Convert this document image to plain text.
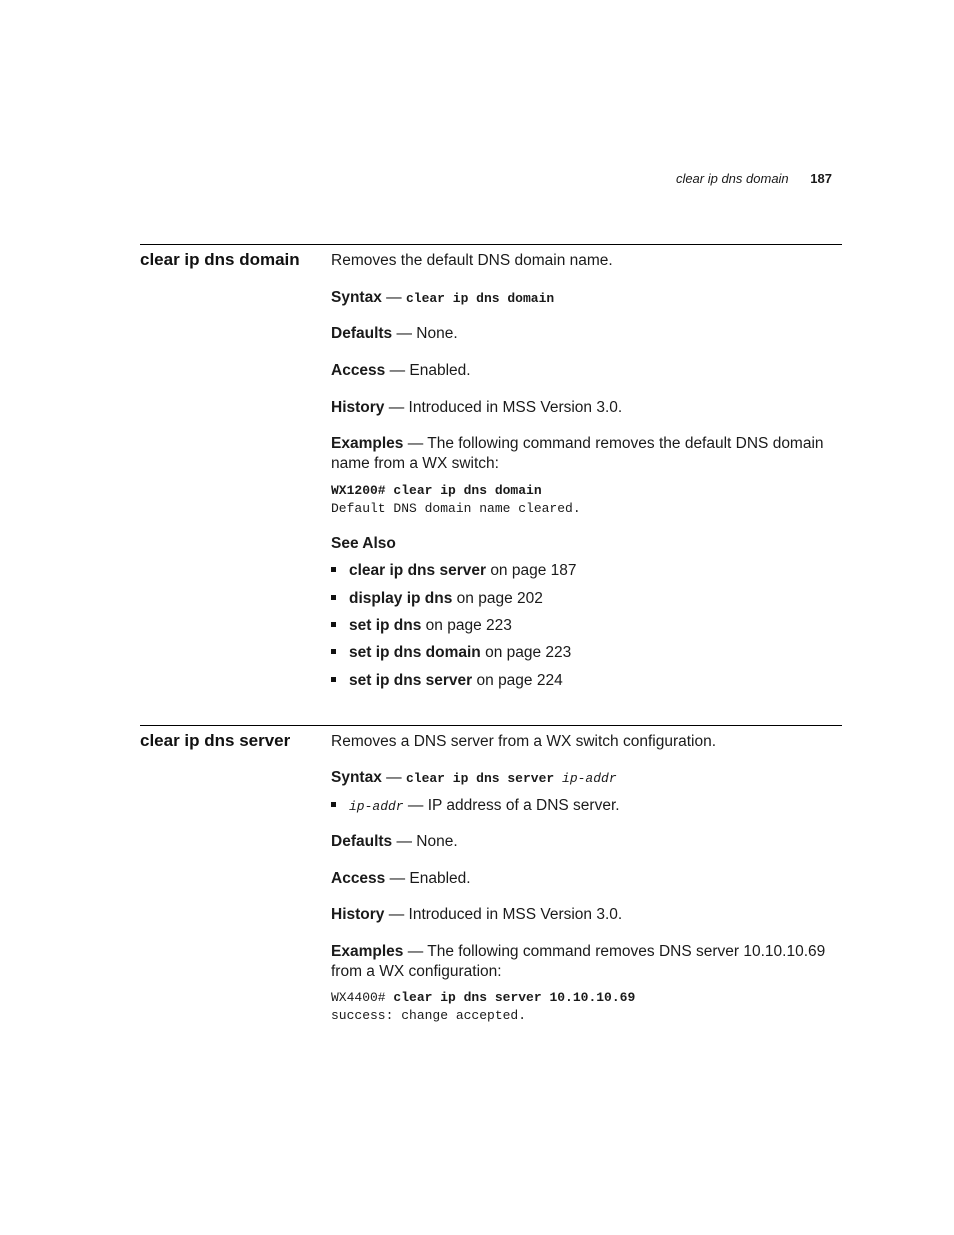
clear ip dns domain 187
clear ip dns domain Removes the default DNS domain name.
Syntax — clear ip dns domain
Defaults — None.
Access — Enabled.
History — Introduced in MSS Version 3.0.
Examples — The following command removes the default DNS domain
name from a WX switch:
WX1200# clear ip dns domain
Default DNS domain name cleared.
See Also
clear ip dns server on page 187
display ip dns on page 202
set ip dns on page 223
set ip dns domain on page 223
set ip dns server on page 224
clear ip dns server	Removes a DNS server from a WX switch configuration.
Syntax — clear ip dns server ip-addr
ip-addr — IP address of a DNS server.
Defaults — None.
Access — Enabled.
History — Introduced in MSS Version 3.0.
Examples — The following command removes DNS server 10.10.10.69
from a WX configuration:
WX4400# clear ip dns server 10.10.10.69
success: change accepted.
